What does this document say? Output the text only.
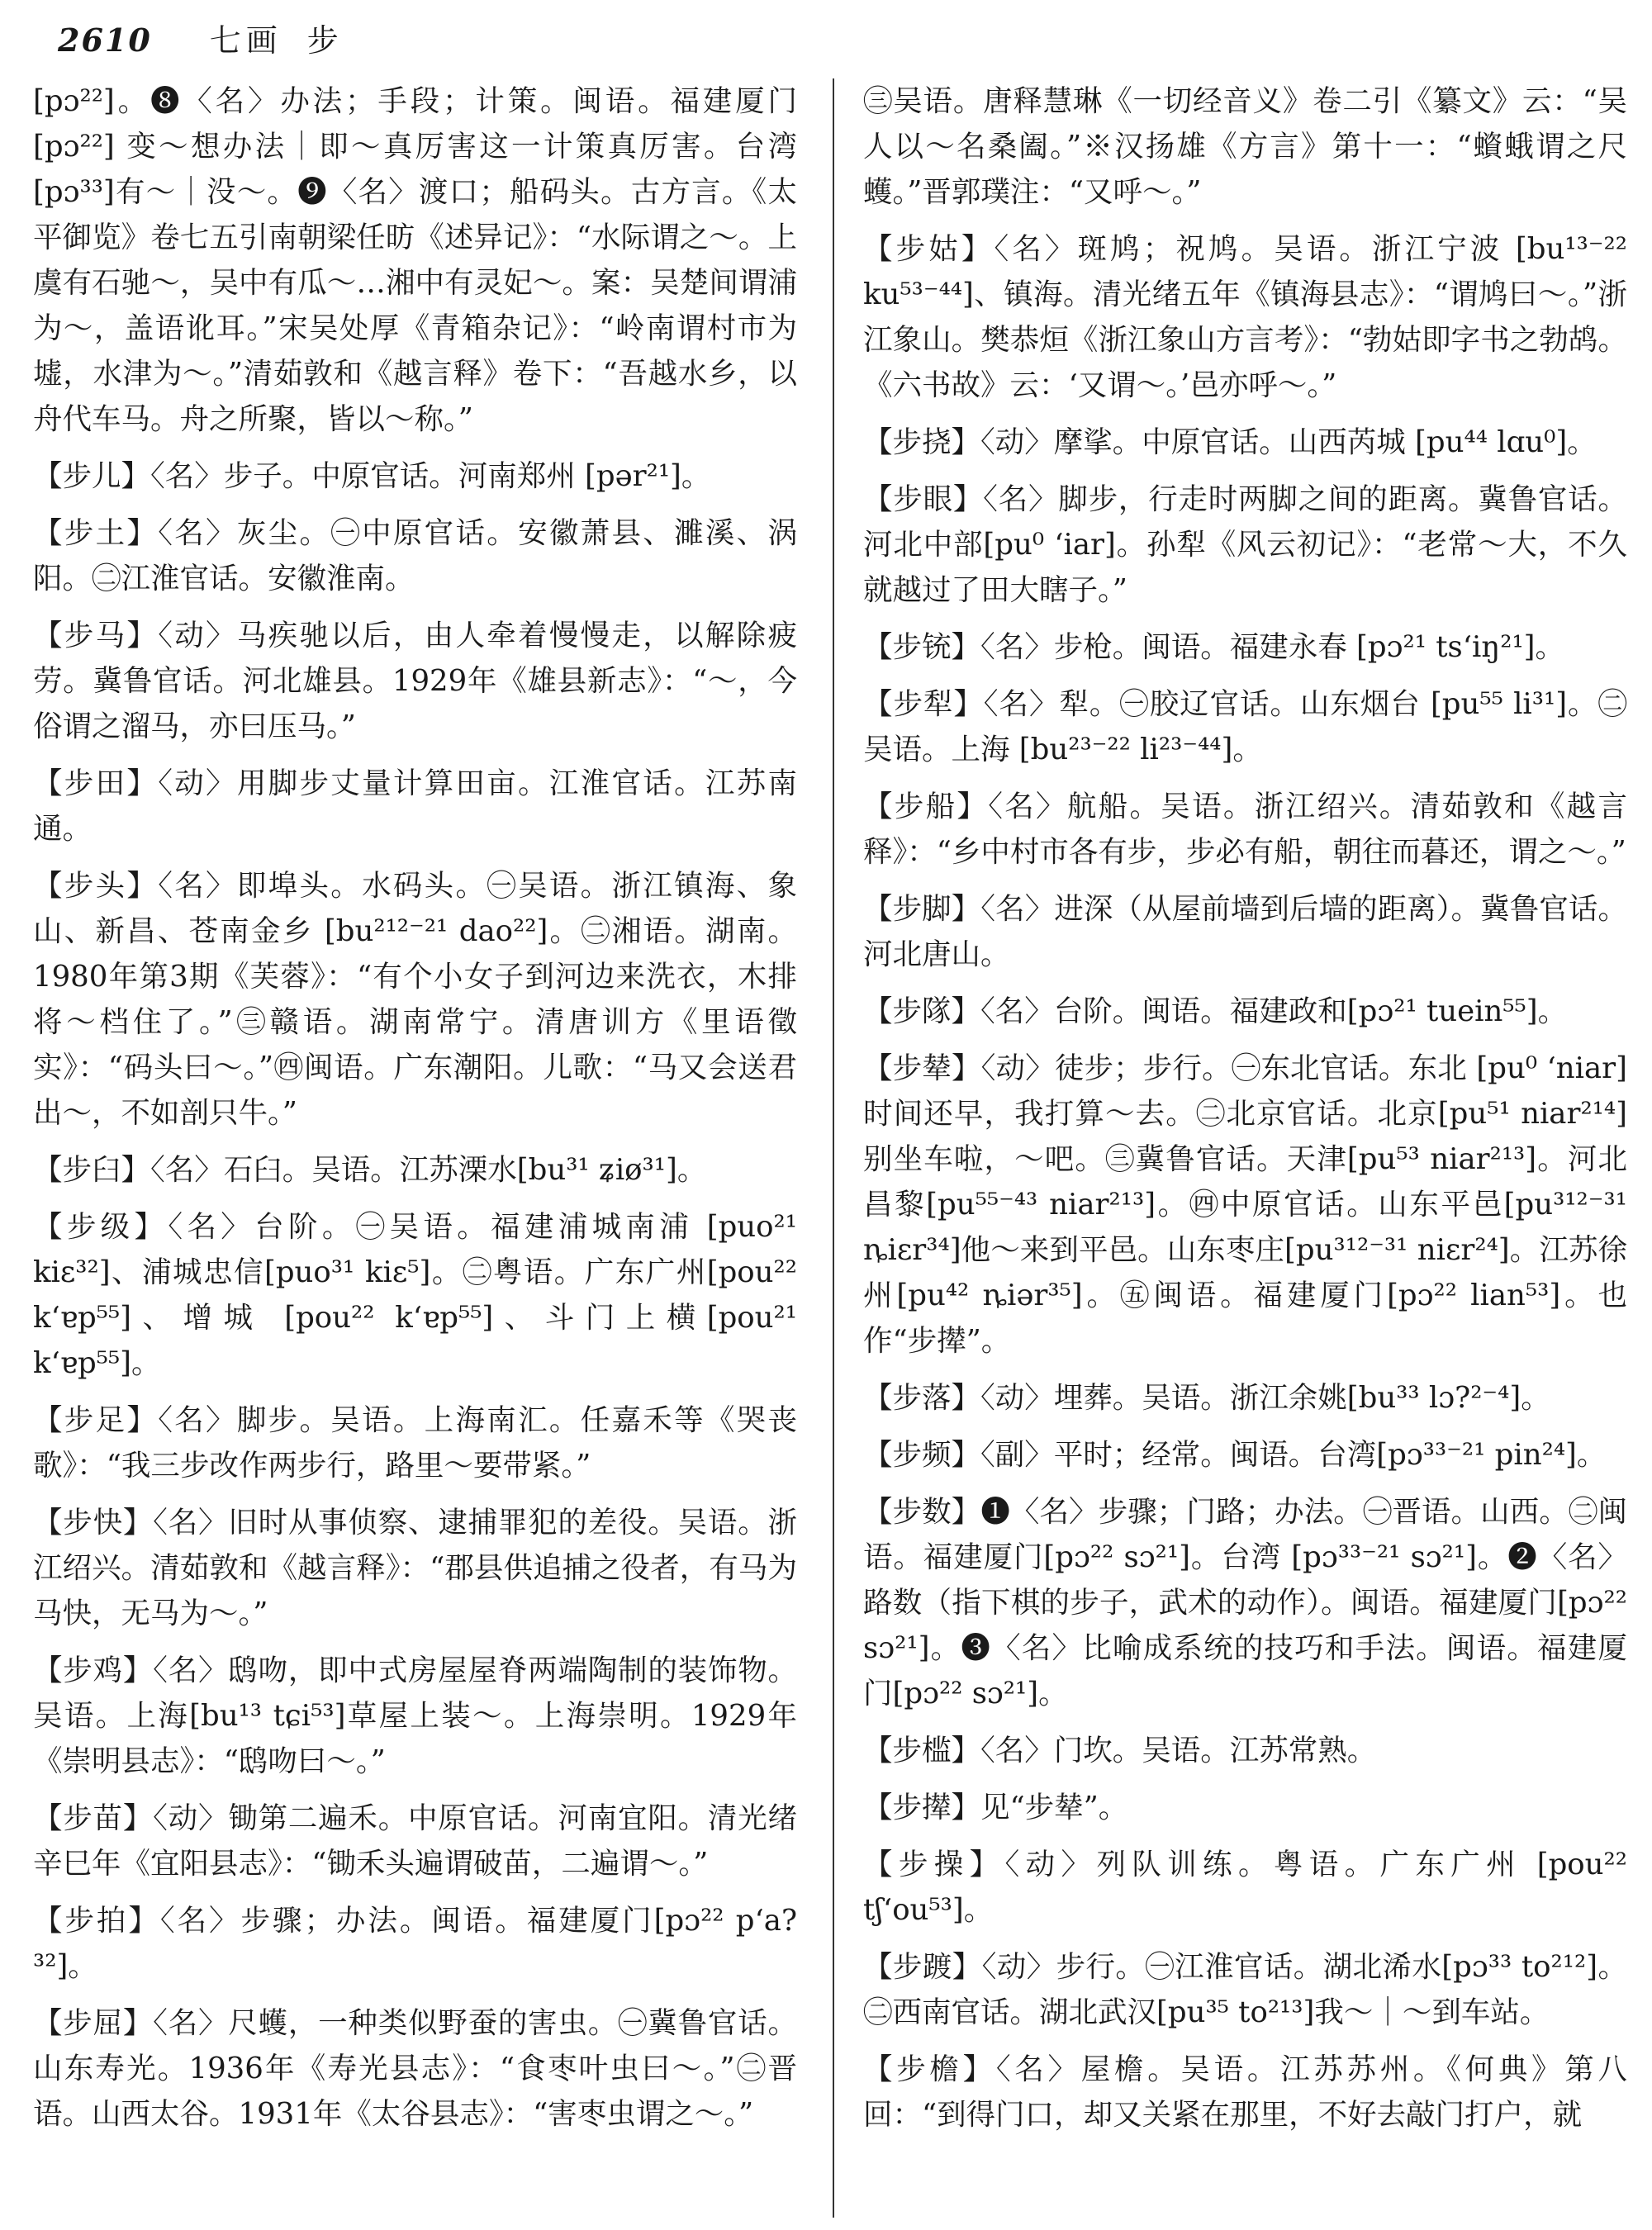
2610 七画 步

[pɔ²²]。❽〈名〉办法；手段；计策。闽语。福建厦门[pɔ²²] 变～想办法｜即～真厉害这一计策真厉害。台湾[pɔ³³]有～｜没～。❾〈名〉渡口；船码头。古方言。《太平御览》卷七五引南朝梁任昉《述异记》：“水际谓之～。上虞有石驰～，吴中有瓜～…湘中有灵妃～。案：吴楚间谓浦为～，盖语讹耳。”宋吴处厚《青箱杂记》：“岭南谓村市为墟，水津为～。”清茹敦和《越言释》卷下：“吾越水乡，以舟代车马。舟之所聚，皆以～称。”

【步儿】〈名〉步子。中原官话。河南郑州 [pər²¹]。

【步土】〈名〉灰尘。㊀中原官话。安徽萧县、濉溪、涡阳。㊁江淮官话。安徽淮南。

【步马】〈动〉马疾驰以后，由人牵着慢慢走，以解除疲劳。冀鲁官话。河北雄县。1929年《雄县新志》：“～，今俗谓之溜马，亦曰压马。”

【步田】〈动〉用脚步丈量计算田亩。江淮官话。江苏南通。

【步头】〈名〉即埠头。水码头。㊀吴语。浙江镇海、象山、新昌、苍南金乡 [bu²¹²⁻²¹ dao²²]。㊁湘语。湖南。1980年第3期《芙蓉》：“有个小女子到河边来洗衣，木排将～档住了。”㊂赣语。湖南常宁。清唐训方《里语徵实》：“码头曰～。”㊃闽语。广东潮阳。儿歌：“马又会送君出～，不如剖只牛。”

【步臼】〈名〉石臼。吴语。江苏溧水[bu³¹ ʑiø³¹]。

【步级】〈名〉台阶。㊀吴语。福建浦城南浦 [puo²¹ kiɛ³²]、浦城忠信[puo³¹ kiɛ⁵]。㊁粤语。广东广州[pou²² k‘ɐp⁵⁵]、增城 [pou²² k‘ɐp⁵⁵]、斗门上横[pou²¹ k‘ɐp⁵⁵]。

【步足】〈名〉脚步。吴语。上海南汇。任嘉禾等《哭丧歌》：“我三步改作两步行，路里～要带紧。”

【步快】〈名〉旧时从事侦察、逮捕罪犯的差役。吴语。浙江绍兴。清茹敦和《越言释》：“郡县供追捕之役者，有马为马快，无马为～。”

【步鸡】〈名〉鸱吻，即中式房屋屋脊两端陶制的装饰物。吴语。上海[bu¹³ tɕi⁵³]草屋上装～。上海崇明。1929年《崇明县志》：“鸱吻曰～。”

【步苗】〈动〉锄第二遍禾。中原官话。河南宜阳。清光绪辛巳年《宜阳县志》：“锄禾头遍谓破苗，二遍谓～。”

【步拍】〈名〉步骤；办法。闽语。福建厦门[pɔ²² p‘a?³²]。

【步屈】〈名〉尺蠖，一种类似野蚕的害虫。㊀冀鲁官话。山东寿光。1936年《寿光县志》：“食枣叶虫曰～。”㊁晋语。山西太谷。1931年《太谷县志》：“害枣虫谓之～。”

㊂吴语。唐释慧琳《一切经音义》卷二引《纂文》云：“吴人以～名桑阖。”※汉扬雄《方言》第十一：“蠀蛾谓之尺蠖。”晋郭璞注：“又呼～。”

【步姑】〈名〉斑鸠；祝鸠。吴语。浙江宁波 [bu¹³⁻²² ku⁵³⁻⁴⁴]、镇海。清光绪五年《镇海县志》：“谓鸠曰～。”浙江象山。樊恭烜《浙江象山方言考》：“勃姑即字书之勃鸪。《六书故》云：‘又谓～。’邑亦呼～。”

【步挠】〈动〉摩挲。中原官话。山西芮城 [pu⁴⁴ lɑu⁰]。

【步眼】〈名〉脚步，行走时两脚之间的距离。冀鲁官话。河北中部[pu⁰ ‘iar]。孙犁《风云初记》：“老常～大，不久就越过了田大瞎子。”

【步铳】〈名〉步枪。闽语。福建永春 [pɔ²¹ ts‘iŋ²¹]。

【步犁】〈名〉犁。㊀胶辽官话。山东烟台 [pu⁵⁵ li³¹]。㊁吴语。上海 [bu²³⁻²² li²³⁻⁴⁴]。

【步船】〈名〉航船。吴语。浙江绍兴。清茹敦和《越言释》：“乡中村市各有步，步必有船，朝往而暮还，谓之～。”

【步脚】〈名〉进深（从屋前墙到后墙的距离）。冀鲁官话。河北唐山。

【步隊】〈名〉台阶。闽语。福建政和[pɔ²¹ tuein⁵⁵]。

【步辇】〈动〉徒步；步行。㊀东北官话。东北 [pu⁰ ‘niar] 时间还早，我打算～去。㊁北京官话。北京[pu⁵¹ niar²¹⁴] 别坐车啦，～吧。㊂冀鲁官话。天津[pu⁵³ niar²¹³]。河北昌黎[pu⁵⁵⁻⁴³ niar²¹³]。㊃中原官话。山东平邑[pu³¹²⁻³¹ ȵiɛr³⁴]他～来到平邑。山东枣庄[pu³¹²⁻³¹ niɛr²⁴]。江苏徐州[pu⁴² ȵiər³⁵]。㊄闽语。福建厦门[pɔ²² lian⁵³]。也作“步撵”。

【步落】〈动〉埋葬。吴语。浙江余姚[bu³³ lɔ?²⁻⁴]。

【步频】〈副〉平时；经常。闽语。台湾[pɔ³³⁻²¹ pin²⁴]。

【步数】❶〈名〉步骤；门路；办法。㊀晋语。山西。㊁闽语。福建厦门[pɔ²² sɔ²¹]。台湾 [pɔ³³⁻²¹ sɔ²¹]。❷〈名〉路数（指下棋的步子，武术的动作）。闽语。福建厦门[pɔ²² sɔ²¹]。❸〈名〉比喻成系统的技巧和手法。闽语。福建厦门[pɔ²² sɔ²¹]。

【步槛】〈名〉门坎。吴语。江苏常熟。

【步撵】见“步辇”。

【步操】〈动〉列队训练。粤语。广东广州 [pou²² tʃ‘ou⁵³]。

【步踱】〈动〉步行。㊀江淮官话。湖北浠水[pɔ³³ to²¹²]。㊁西南官话。湖北武汉[pu³⁵ to²¹³]我～｜～到车站。

【步檐】〈名〉屋檐。吴语。江苏苏州。《何典》第八回：“到得门口，却又关紧在那里，不好去敲门打户，就
